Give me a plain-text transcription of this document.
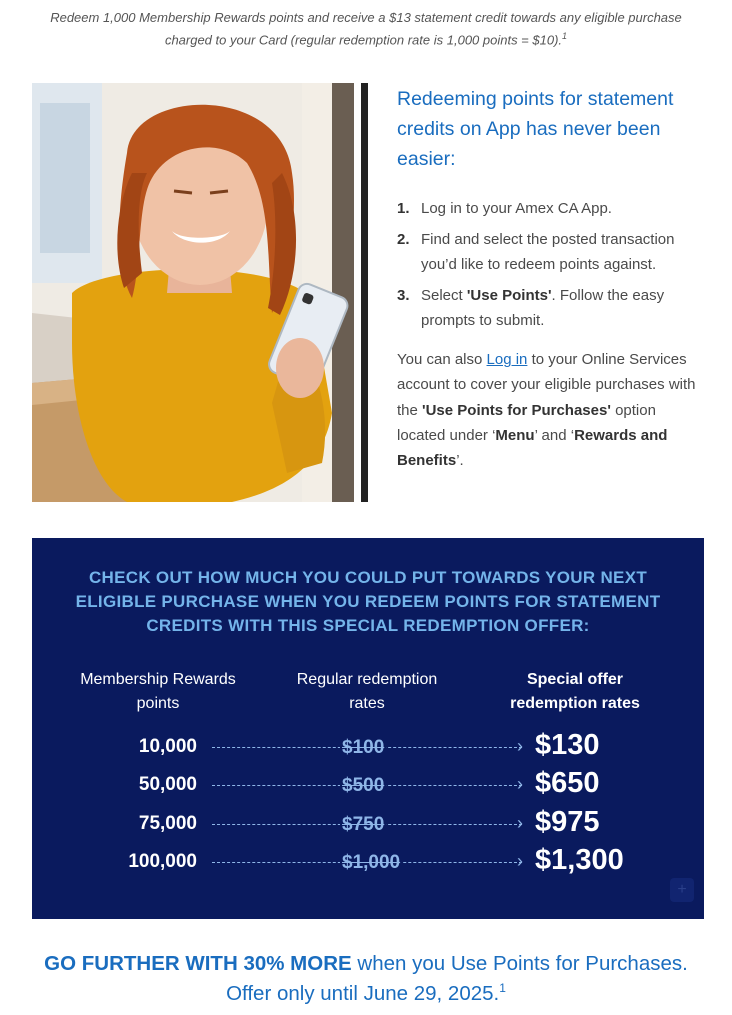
Redeem 1,000 Membership Rewards points and receive a $13 statement credit towards any eligible purchase charged to your Card (regular redemption rate is 1,000 points = $10).$^1$
Redeeming points for statement credits on App has never been easier:
1. Log in to your Amex CA App.
2. Find and select the posted transaction you’d like to redeem points against.
3. Select 'Use Points'. Follow the easy prompts to submit.

You can also Log in to your Online Services account to cover your eligible purchases with the 'Use Points for Purchases' option located under ‘Menu’ and ‘Rewards and Benefits’.

CHECK OUT HOW MUCH YOU COULD PUT TOWARDS YOUR NEXT
ELIGIBLE PURCHASE WHEN YOU REDEEM POINTS FOR STATEMENT
CREDITS WITH THIS SPECIAL REDEMPTION OFFER:
Membership Rewards
points
Regular redemption
rates
Special offer
redemption rates
10,000	$100	› $130
50,000	$500	› $650
75,000	$750	› $975
100,000	$1,000	› $1,300
+
GO FURTHER WITH 30% MORE when you Use Points for Purchases. Offer only until June 29, 2025.$^1$
